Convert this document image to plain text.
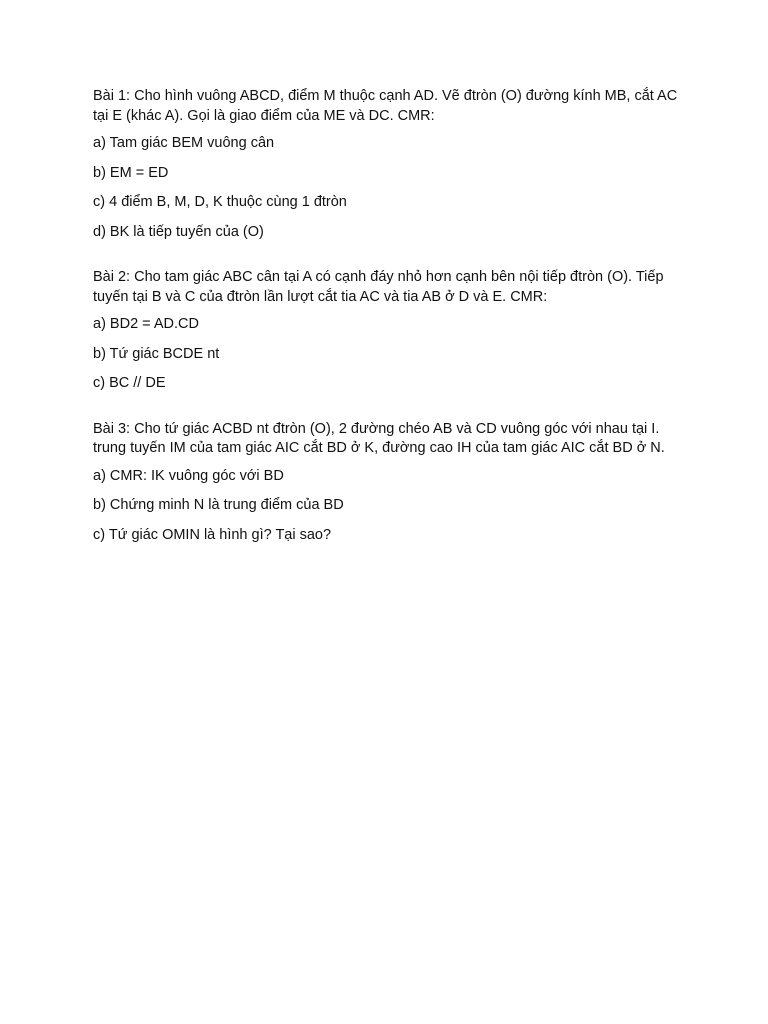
Bài 1: Cho hình vuông ABCD, điểm M thuộc cạnh AD. Vẽ đtròn (O) đường kính MB, cắt AC tại E (khác A). Gọi là giao điểm của ME và DC. CMR:

a) Tam giác BEM vuông cân

b) EM = ED

c) 4 điểm B, M, D, K thuộc cùng 1 đtròn

d) BK là tiếp tuyến của (O)

Bài 2: Cho tam giác ABC cân tại A có cạnh đáy nhỏ hơn cạnh bên nội tiếp đtròn (O). Tiếp tuyến tại B và C của đtròn lần lượt cắt tia AC và tia AB ở D và E. CMR:

a) BD2 = AD.CD

b) Tứ giác BCDE nt

c) BC // DE

Bài 3: Cho tứ giác ACBD nt đtròn (O), 2 đường chéo AB và CD vuông góc với nhau tại I. trung tuyến IM của tam giác AIC cắt BD ở K, đường cao IH của tam giác AIC cắt BD ở N.

a) CMR: IK vuông góc với BD

b) Chứng minh N là trung điểm của BD

c) Tứ giác OMIN là hình gì? Tại sao?
